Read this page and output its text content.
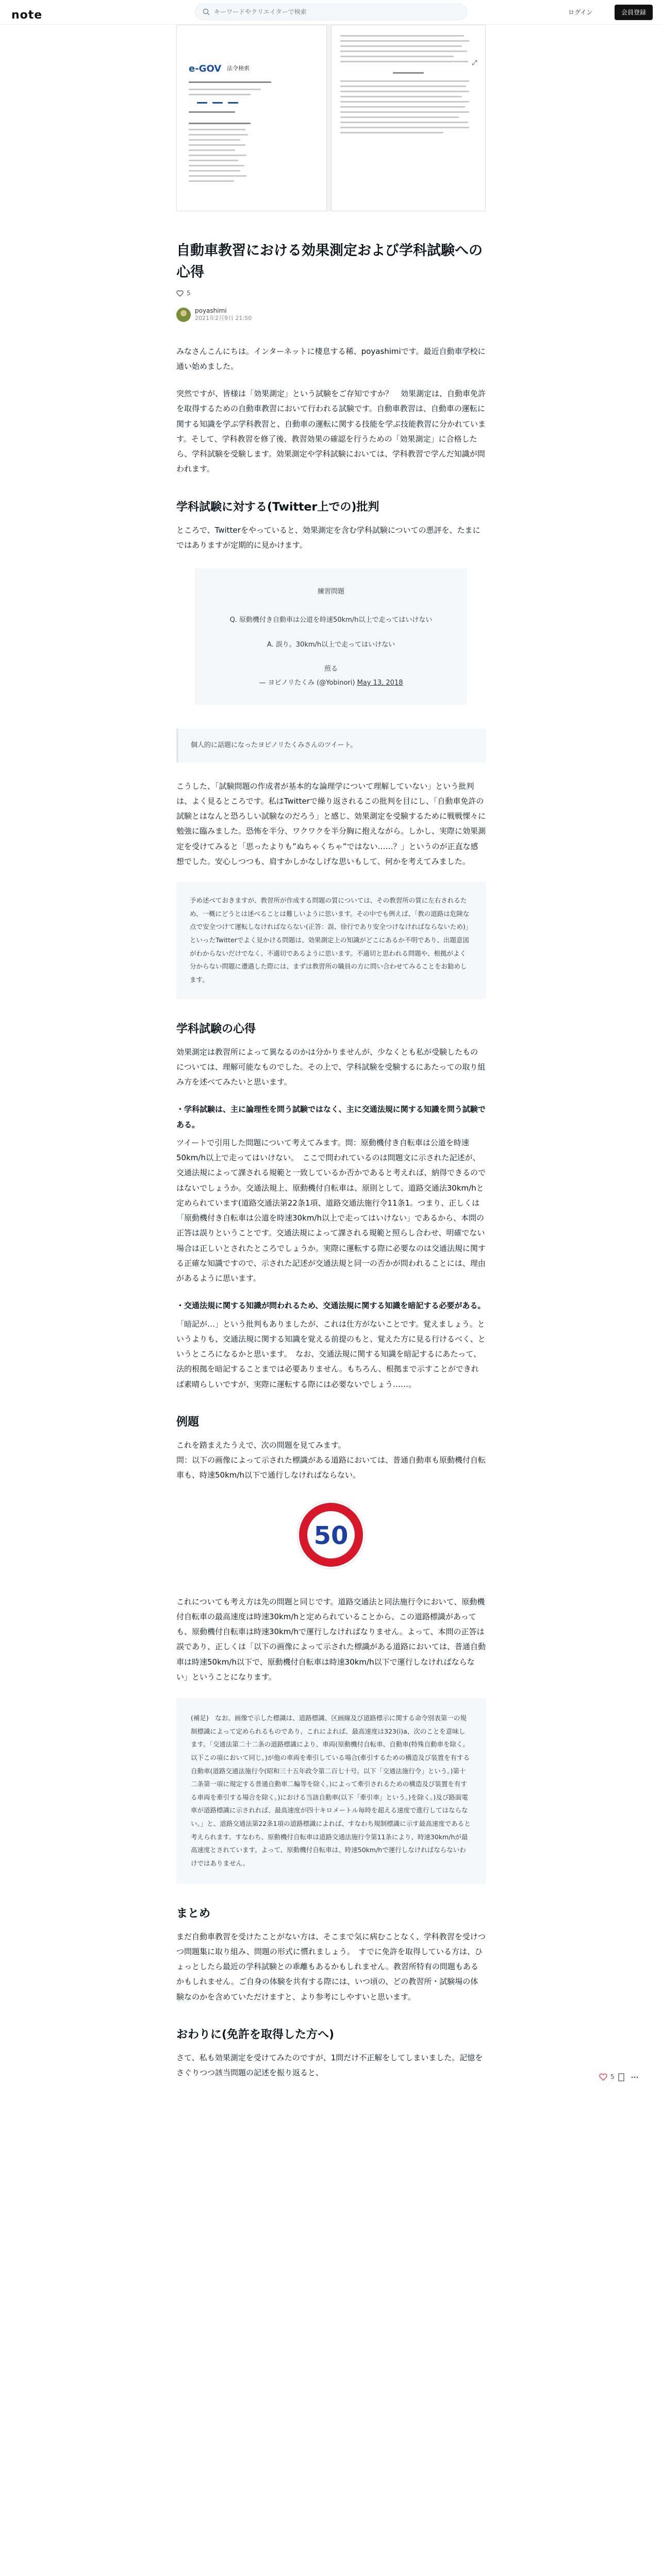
note
キーワードやクリエイターで検索	ログイン	会員登録
e-GOV 法令検索
⤢
自動車教習における効果測定および学科試験への心得
5
poyashimi
2021年2月9日 21:50

みなさんこんにちは。インターネットに棲息する稀、poyashimiです。最近自動車学校に通い始めました。

突然ですが、皆様は「効果測定」という試験をご存知ですか？　効果測定は、自動車免許を取得するための自動車教習において行われる試験です。自動車教習は、自動車の運転に関する知識を学ぶ学科教習と、自動車の運転に関する技能を学ぶ技能教習に分かれています。そして、学科教習を修了後、教習効果の確認を行うための「効果測定」に合格したら、学科試験を受験します。効果測定や学科試験においては、学科教習で学んだ知識が問われます。

学科試験に対する(Twitter上での)批判

ところで、Twitterをやっていると、効果測定を含む学科試験についての悪評を、たまにではありますが定期的に見かけます。

練習問題
Q. 原動機付き自動車は公道を時速50km/h以上で走ってはいけない
A. 誤り。30km/h以上で走ってはいけない
煎る
— ヨピノリたくみ (@Yobinori) May 13, 2018
個人的に話題になったヨビノリたくみさんのツイート。

こうした、「試験問題の作成者が基本的な論理学について理解していない」という批判は、よく見るところです。私はTwitterで繰り返されるこの批判を目にし、「自動車免許の試験とはなんと恐ろしい試験なのだろう」と感じ、効果測定を受験するために戦戦慄々に勉強に臨みました。恐怖を半分、ワクワクを半分胸に抱えながら。しかし、実際に効果測定を受けてみると「思ったよりも”ぬちゃくちゃ”ではない……？」というのが正直な感想でした。安心しつつも、肩すかしかなしげな思いもして、何かを考えてみました。

予め述べておきますが、教習所が作成する問題の質については、その教習所の質に左右されるため、一概にどうとは述べることは難しいように思います。その中でも例えば、「教の道路は危険な点で安全つけて運転しなければならない(正答：誤、徐行であり安全つけなければならないため)」といったTwitterでよく見かける問題は、効果測定上の知識がどこにあるか不明であり、出題意図がわからないだけでなく、不適切であるように思います。不適切と思われる問題や、根拠がよく分からない問題に遭遇した際には、まずは教習所の職員の方に問い合わせてみることをお勧めします。
学科試験の心得

効果測定は教習所によって異なるのかは分かりませんが、少なくとも私が受験したものについては、理解可能なものでした。その上で、学科試験を受験するにあたっての取り組み方を述べてみたいと思います。

・学科試験は、主に論理性を問う試験ではなく、主に交通法規に関する知識を問う試験である。

ツイートで引用した問題について考えてみます。問：原動機付き自転車は公道を時速50km/h以上で走ってはいけない。　ここで問われているのは問題文に示された記述が、交通法規によって課される規範と一致しているか否かであると考えれば、納得できるのではないでしょうか。交通法規上、原動機付自転車は、原則として、道路交通法30km/hと定められています(道路交通法第22条1項、道路交通法施行令11条1。つまり、正しくは「原動機付き自転車は公道を時速30km/h以上で走ってはいけない」であるから、本問の正答は誤りということです。交通法規によって課される規範と照らし合わせ、明確でない場合は正しいとされたところでしょうか。実際に運転する際に必要なのは交通法規に関する正確な知識ですので、示された記述が交通法規と同一の否かが問われることには、理由があるように思います。

・交通法規に関する知識が問われるため、交通法規に関する知識を暗記する必要がある。

「暗記が…」という批判もありましたが、これは仕方がないことです。覚えましょう。というよりも、交通法規に関する知識を覚える前提のもと、覚えた方に見る行けるべく、というところになるかと思います。　なお、交通法規に関する知識を暗記するにあたって、法的根拠を暗記することまでは必要ありません。もちろん、根拠まで示すことができれば素晴らしいですが、実際に運転する際には必要ないでしょう……。

例題

これを踏まえたうえで、次の問題を見てみます。

問：以下の画像によって示された標識がある道路においては、普通自動車も原動機付自転車も、時速50km/h以下で通行しなければならない。

50

これについても考え方は先の問題と同じです。道路交通法と同法施行令において、原動機付自転車の最高速度は時速30km/hと定められていることから、この道路標識があっても、原動機付自転車は時速30km/hで運行しなければなりません。よって、本問の正答は誤であり、正しくは「以下の画像によって示された標識がある道路においては、普通自動車は時速50km/h以下で、原動機付自転車は時速30km/h以下で運行しなければならない」ということになります。

(補足)　なお、画像で示した標識は、道路標識、区画線及び道路標示に関する命令別表第一の規制標識によって定められるものであり、これによれば、最高速度は323(i)a、次のことを意味します。「交通法第二十二条の道路標識により、車両(原動機付自転車、自動車(特殊自動車を除く。以下この項において同じ。)が他の車両を牽引している場合(牽引するための構造及び装置を有する自動車(道路交通法施行令(昭和三十五年政令第二百七十号。以下「交通法施行令」という。)第十二条第一項に規定する普通自動車二輪等を除く。)によって牽引されるための構造及び装置を有する車両を牽引する場合を除く。)における当該自動車(以下「牽引車」という。)を除く。)及び路面電車が道路標識に示されれば、最高速度が四十キロメートル毎時を超える速度で進行してはならない。」と、道路交通法第22条1項の道路標識によれば、すなわち規制標識に示す最高速度であると考えられます。すなわち、原動機付自転車は道路交通法施行令第11条により、時速30km/hが最高速度とされています。よって、原動機付自転車は、時速50km/hで運行しなければならないわけではありません。
まとめ

まだ自動車教習を受けたことがない方は、そこまで気に病むことなく、学科教習を受けつつ問題集に取り組み、問題の形式に慣れましょう。　すでに免許を取得している方は、ひょっとしたら最近の学科試験との乖離もあるかもしれません。教習所特有の問題もあるかもしれません。ご自身の体験を共有する際には、いつ頃の、どの教習所・試験場の体験なのかを含めていただけますと、より参考にしやすいと思います。

おわりに(免許を取得した方へ)

さて、私も効果測定を受けてみたのですが、1問だけ不正解をしてしまいました。記憶をさぐりつつ該当問題の記述を振り返ると、	5
